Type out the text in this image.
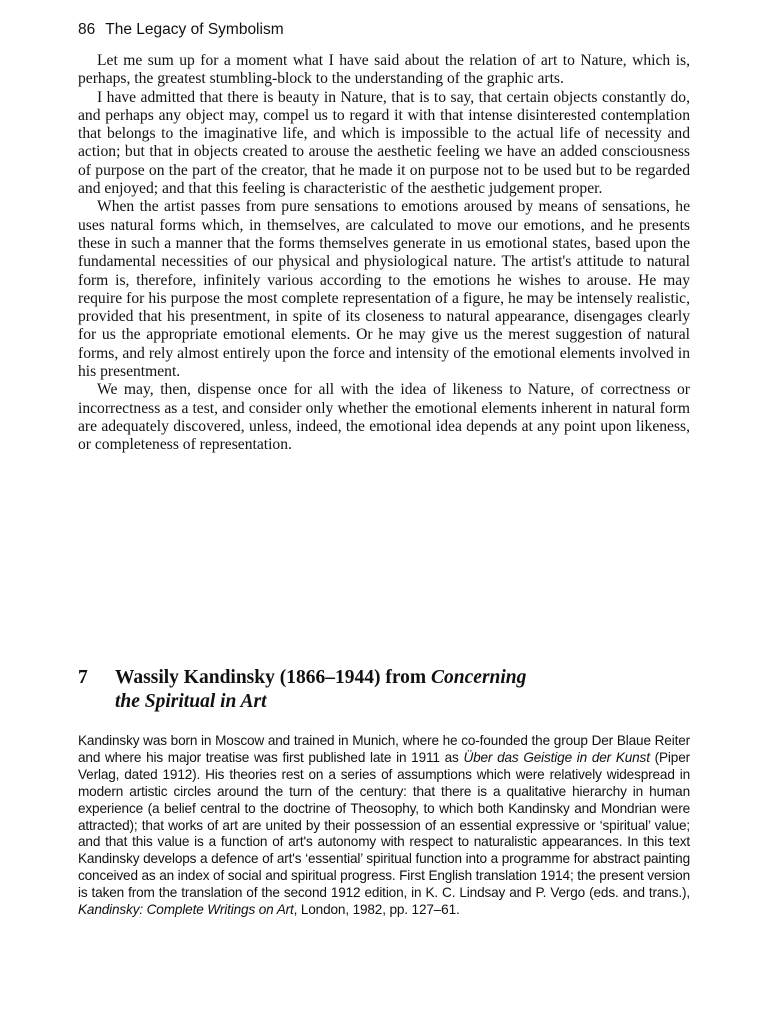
86 The Legacy of Symbolism

Let me sum up for a moment what I have said about the relation of art to Nature, which is, perhaps, the greatest stumbling-block to the understanding of the graphic arts.

I have admitted that there is beauty in Nature, that is to say, that certain objects constantly do, and perhaps any object may, compel us to regard it with that intense disinterested contemplation that belongs to the imaginative life, and which is impossible to the actual life of necessity and action; but that in objects created to arouse the aesthetic feeling we have an added consciousness of purpose on the part of the creator, that he made it on purpose not to be used but to be regarded and enjoyed; and that this feeling is characteristic of the aesthetic judgement proper.

When the artist passes from pure sensations to emotions aroused by means of sensations, he uses natural forms which, in themselves, are calculated to move our emotions, and he presents these in such a manner that the forms themselves generate in us emotional states, based upon the fundamental necessities of our physical and physiological nature. The artist's attitude to natural form is, therefore, infinitely various according to the emotions he wishes to arouse. He may require for his purpose the most complete representation of a figure, he may be intensely realistic, provided that his presentment, in spite of its closeness to natural appearance, disengages clearly for us the appropriate emotional elements. Or he may give us the merest suggestion of natural forms, and rely almost entirely upon the force and intensity of the emotional elements involved in his presentment.

We may, then, dispense once for all with the idea of likeness to Nature, of correctness or incorrectness as a test, and consider only whether the emotional elements inherent in natural form are adequately discovered, unless, indeed, the emotional idea depends at any point upon likeness, or completeness of representation.

7 Wassily Kandinsky (1866–1944) from Concerning
the Spiritual in Art

Kandinsky was born in Moscow and trained in Munich, where he co-founded the group Der Blaue Reiter and where his major treatise was first published late in 1911 as Über das Geistige in der Kunst (Piper Verlag, dated 1912). His theories rest on a series of assumptions which were relatively widespread in modern artistic circles around the turn of the century: that there is a qualitative hierarchy in human experience (a belief central to the doctrine of Theosophy, to which both Kandinsky and Mondrian were attracted); that works of art are united by their possession of an essential expressive or ‘spiritual’ value; and that this value is a function of art's autonomy with respect to naturalistic appearances. In this text Kandinsky develops a defence of art's ‘essential’ spiritual function into a programme for abstract painting conceived as an index of social and spiritual progress. First English translation 1914; the present version is taken from the translation of the second 1912 edition, in K. C. Lindsay and P. Vergo (eds. and trans.), Kandinsky: Complete Writings on Art, London, 1982, pp. 127–61.
